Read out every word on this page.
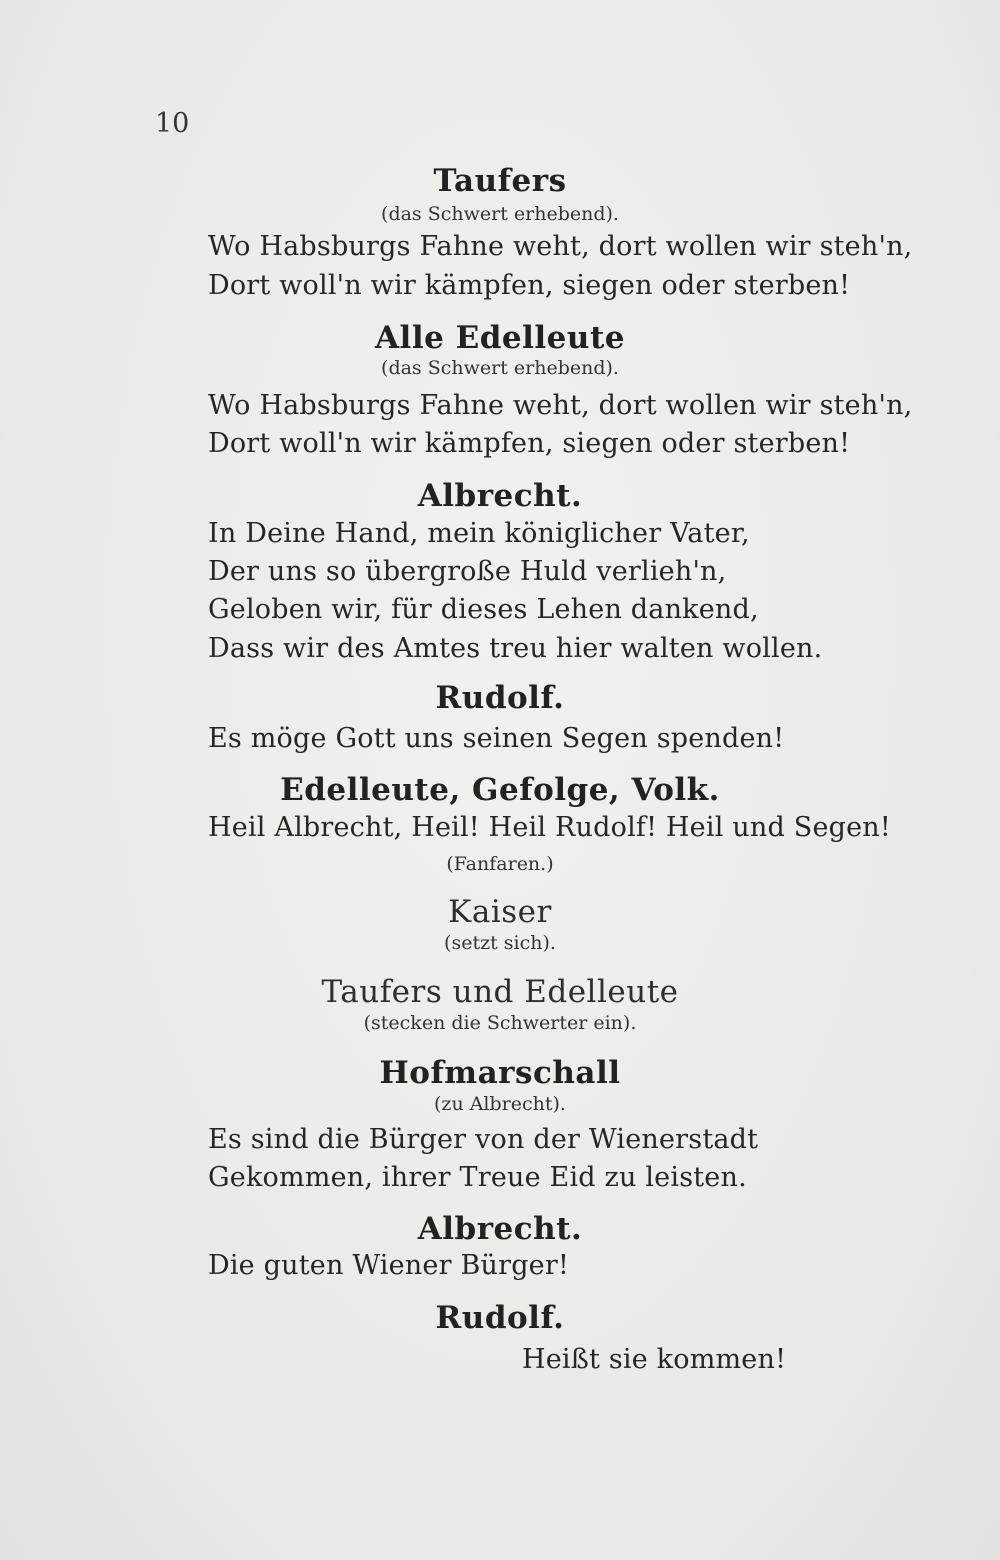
10
Taufers
(das Schwert erhebend).
Wo Habsburgs Fahne weht, dort wollen wir steh'n,
Dort woll'n wir kämpfen, siegen oder sterben!
Alle Edelleute
(das Schwert erhebend).
Wo Habsburgs Fahne weht, dort wollen wir steh'n,
Dort woll'n wir kämpfen, siegen oder sterben!
Albrecht.
In Deine Hand, mein königlicher Vater,
Der uns so übergroße Huld verlieh'n,
Geloben wir, für dieses Lehen dankend,
Dass wir des Amtes treu hier walten wollen.
Rudolf.
Es möge Gott uns seinen Segen spenden!
Edelleute, Gefolge, Volk.
Heil Albrecht, Heil! Heil Rudolf! Heil und Segen!
(Fanfaren.)
Kaiser
(setzt sich).
Taufers und Edelleute
(stecken die Schwerter ein).
Hofmarschall
(zu Albrecht).
Es sind die Bürger von der Wienerstadt
Gekommen, ihrer Treue Eid zu leisten.
Albrecht.
Die guten Wiener Bürger!
Rudolf.
Heißt sie kommen!
